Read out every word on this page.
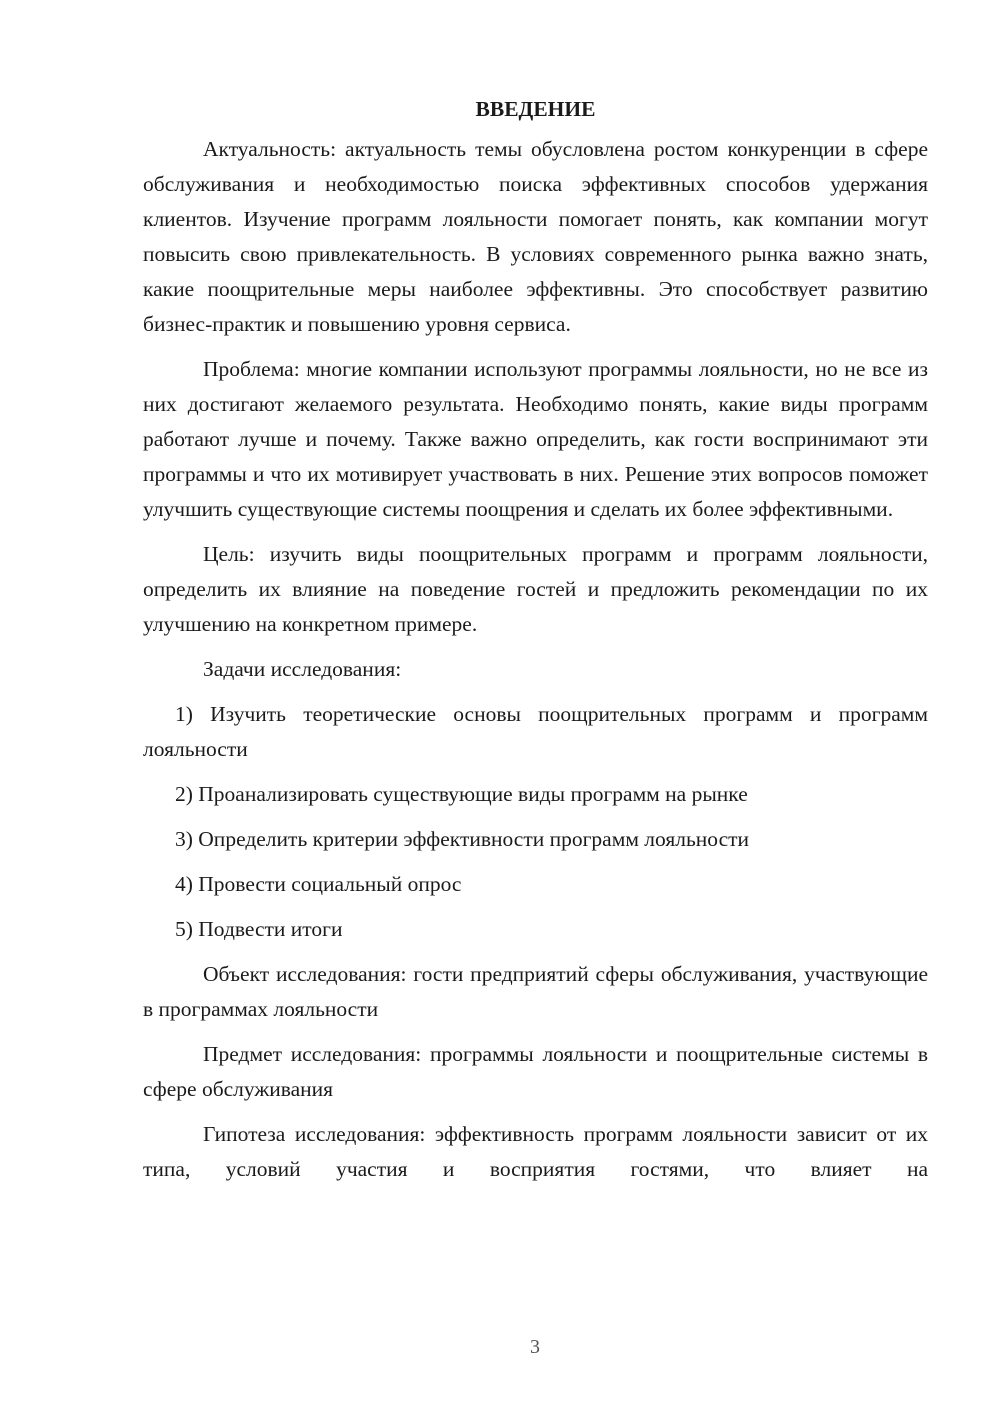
ВВЕДЕНИЕ

Актуальность: актуальность темы обусловлена ростом конкуренции в сфере обслуживания и необходимостью поиска эффективных способов удержания клиентов. Изучение программ лояльности помогает понять, как компании могут повысить свою привлекательность. В условиях современного рынка важно знать, какие поощрительные меры наиболее эффективны. Это способствует развитию бизнес-практик и повышению уровня сервиса.

Проблема: многие компании используют программы лояльности, но не все из них достигают желаемого результата. Необходимо понять, какие виды программ работают лучше и почему. Также важно определить, как гости воспринимают эти программы и что их мотивирует участвовать в них. Решение этих вопросов поможет улучшить существующие системы поощрения и сделать их более эффективными.

Цель: изучить виды поощрительных программ и программ лояльности, определить их влияние на поведение гостей и предложить рекомендации по их улучшению на конкретном примере.

Задачи исследования:

1) Изучить теоретические основы поощрительных программ и программ лояльности

2) Проанализировать существующие виды программ на рынке

3) Определить критерии эффективности программ лояльности

4) Провести социальный опрос

5) Подвести итоги

Объект исследования: гости предприятий сферы обслуживания, участвующие в программах лояльности

Предмет исследования: программы лояльности и поощрительные системы в сфере обслуживания

Гипотеза исследования: эффективность программ лояльности зависит от их типа, условий участия и восприятия гостями, что влияет на

3
